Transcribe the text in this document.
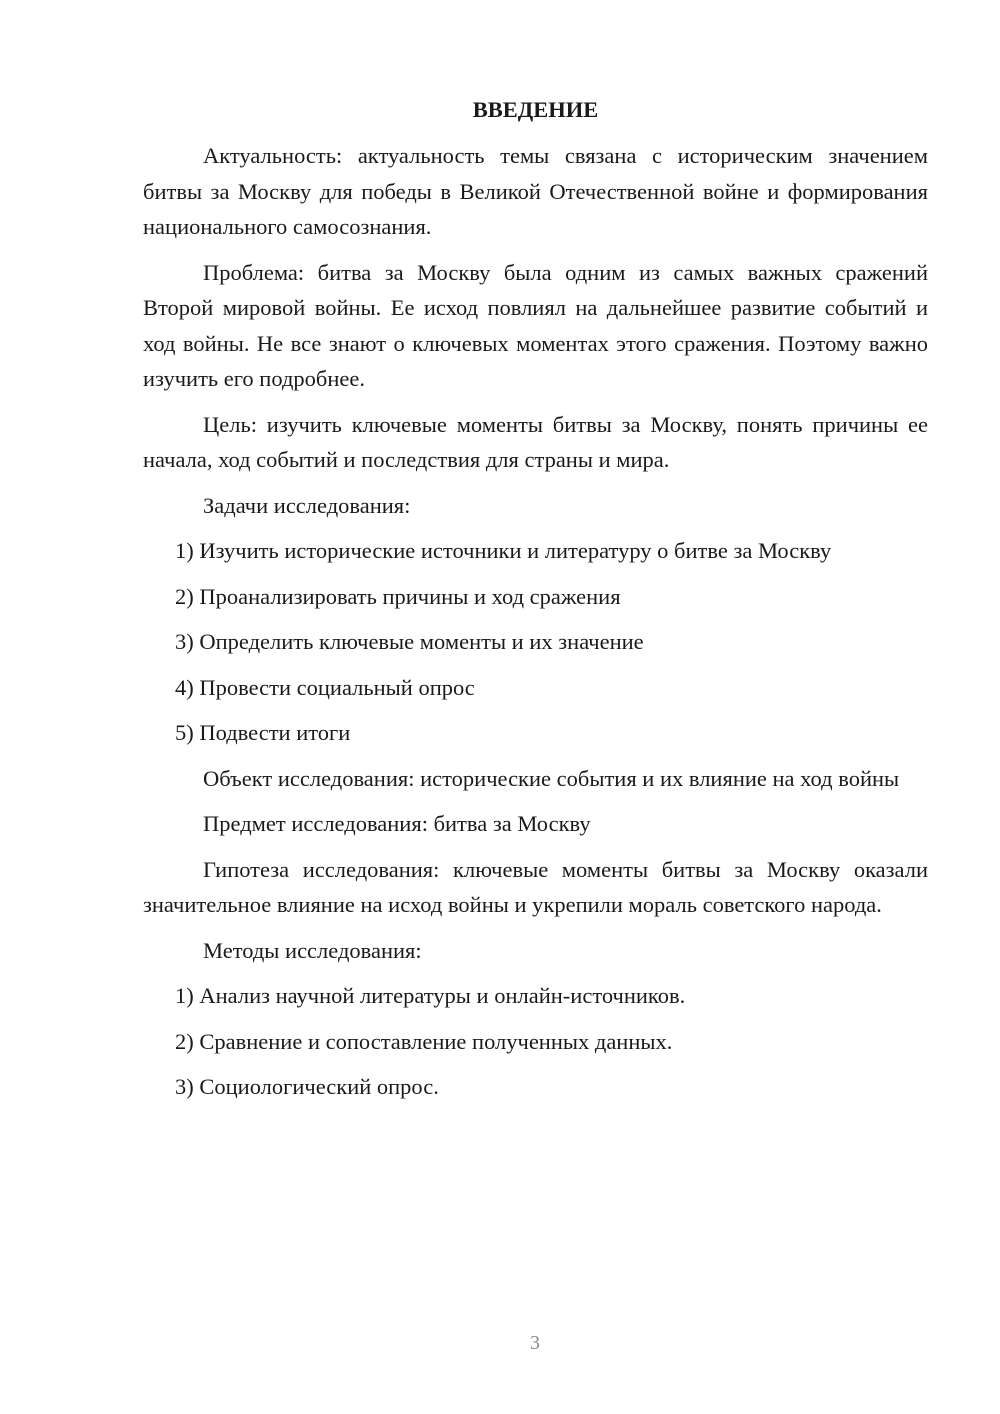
ВВЕДЕНИЕ

Актуальность: актуальность темы связана с историческим значением битвы за Москву для победы в Великой Отечественной войне и формирования национального самосознания.

Проблема: битва за Москву была одним из самых важных сражений Второй мировой войны. Ее исход повлиял на дальнейшее развитие событий и ход войны. Не все знают о ключевых моментах этого сражения. Поэтому важно изучить его подробнее.

Цель: изучить ключевые моменты битвы за Москву, понять причины ее начала, ход событий и последствия для страны и мира.

Задачи исследования:

1) Изучить исторические источники и литературу о битве за Москву

2) Проанализировать причины и ход сражения

3) Определить ключевые моменты и их значение

4) Провести социальный опрос

5) Подвести итоги

Объект исследования: исторические события и их влияние на ход войны

Предмет исследования: битва за Москву

Гипотеза исследования: ключевые моменты битвы за Москву оказали значительное влияние на исход войны и укрепили мораль советского народа.

Методы исследования:

1) Анализ научной литературы и онлайн-источников.

2) Сравнение и сопоставление полученных данных.

3) Социологический опрос.

3
